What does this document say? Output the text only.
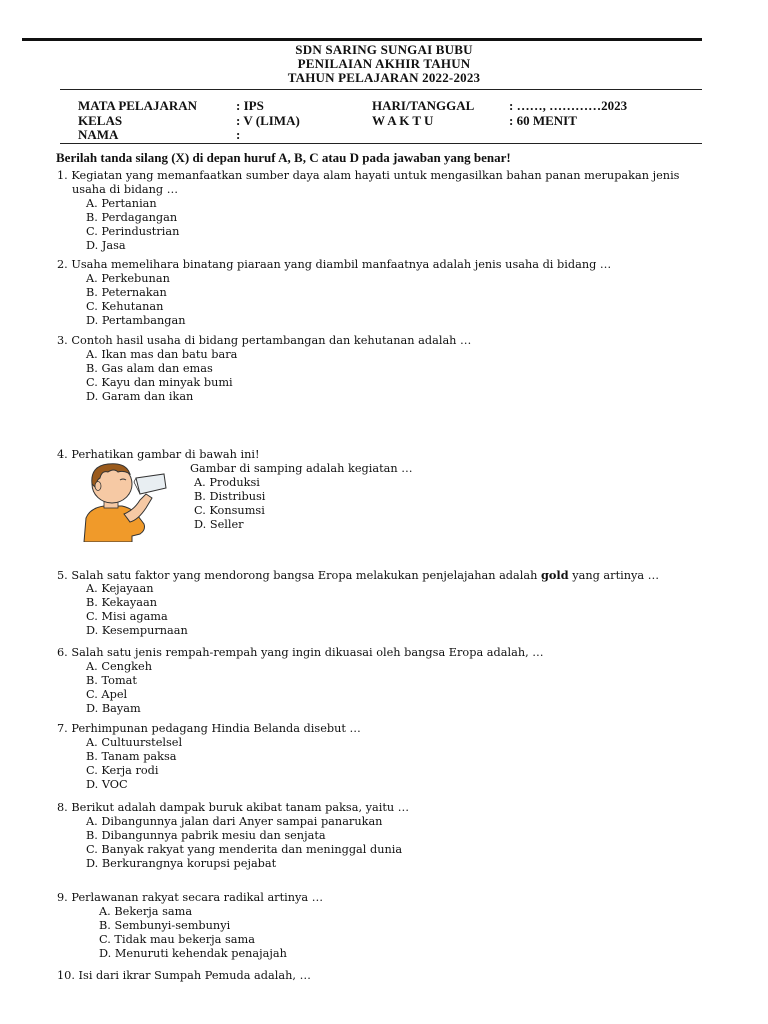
SDN SARING SUNGAI BUBU
PENILAIAN AKHIR TAHUN
TAHUN PELAJARAN 2022-2023
MATA PELAJARAN	: IPS	HARI/TANGGAL	: ……, …………2023
KELAS	: V (LIMA)	W A K T U	: 60 MENIT
NAMA	:
Berilah tanda silang (X) di depan huruf A, B, C atau D pada jawaban yang benar!
1. Kegiatan yang memanfaatkan sumber daya alam hayati untuk mengasilkan bahan panan merupakan jenis
usaha di bidang …
A. Pertanian
B. Perdagangan
C. Perindustrian
D. Jasa
2. Usaha memelihara binatang piaraan yang diambil manfaatnya adalah jenis usaha di bidang …
A. Perkebunan
B. Peternakan
C. Kehutanan
D. Pertambangan
3. Contoh hasil usaha di bidang pertambangan dan kehutanan adalah …
A. Ikan mas dan batu bara
B. Gas alam dan emas
C. Kayu dan minyak bumi
D. Garam dan ikan
4. Perhatikan gambar di bawah ini!
Gambar di samping adalah kegiatan …
A. Produksi
B. Distribusi
C. Konsumsi
D. Seller
5. Salah satu faktor yang mendorong bangsa Eropa melakukan penjelajahan adalah gold yang artinya …
A. Kejayaan
B. Kekayaan
C. Misi agama
D. Kesempurnaan
6. Salah satu jenis rempah-rempah yang ingin dikuasai oleh bangsa Eropa adalah, …
A. Cengkeh
B. Tomat
C. Apel
D. Bayam
7. Perhimpunan pedagang Hindia Belanda disebut …
A. Cultuurstelsel
B. Tanam paksa
C. Kerja rodi
D. VOC
8. Berikut adalah dampak buruk akibat tanam paksa, yaitu …
A. Dibangunnya jalan dari Anyer sampai panarukan
B. Dibangunnya pabrik mesiu dan senjata
C. Banyak rakyat yang menderita dan meninggal dunia
D. Berkurangnya korupsi pejabat
9. Perlawanan rakyat secara radikal artinya …
A. Bekerja sama
B. Sembunyi-sembunyi
C. Tidak mau bekerja sama
D. Menuruti kehendak penajajah
10. Isi dari ikrar Sumpah Pemuda adalah, …
